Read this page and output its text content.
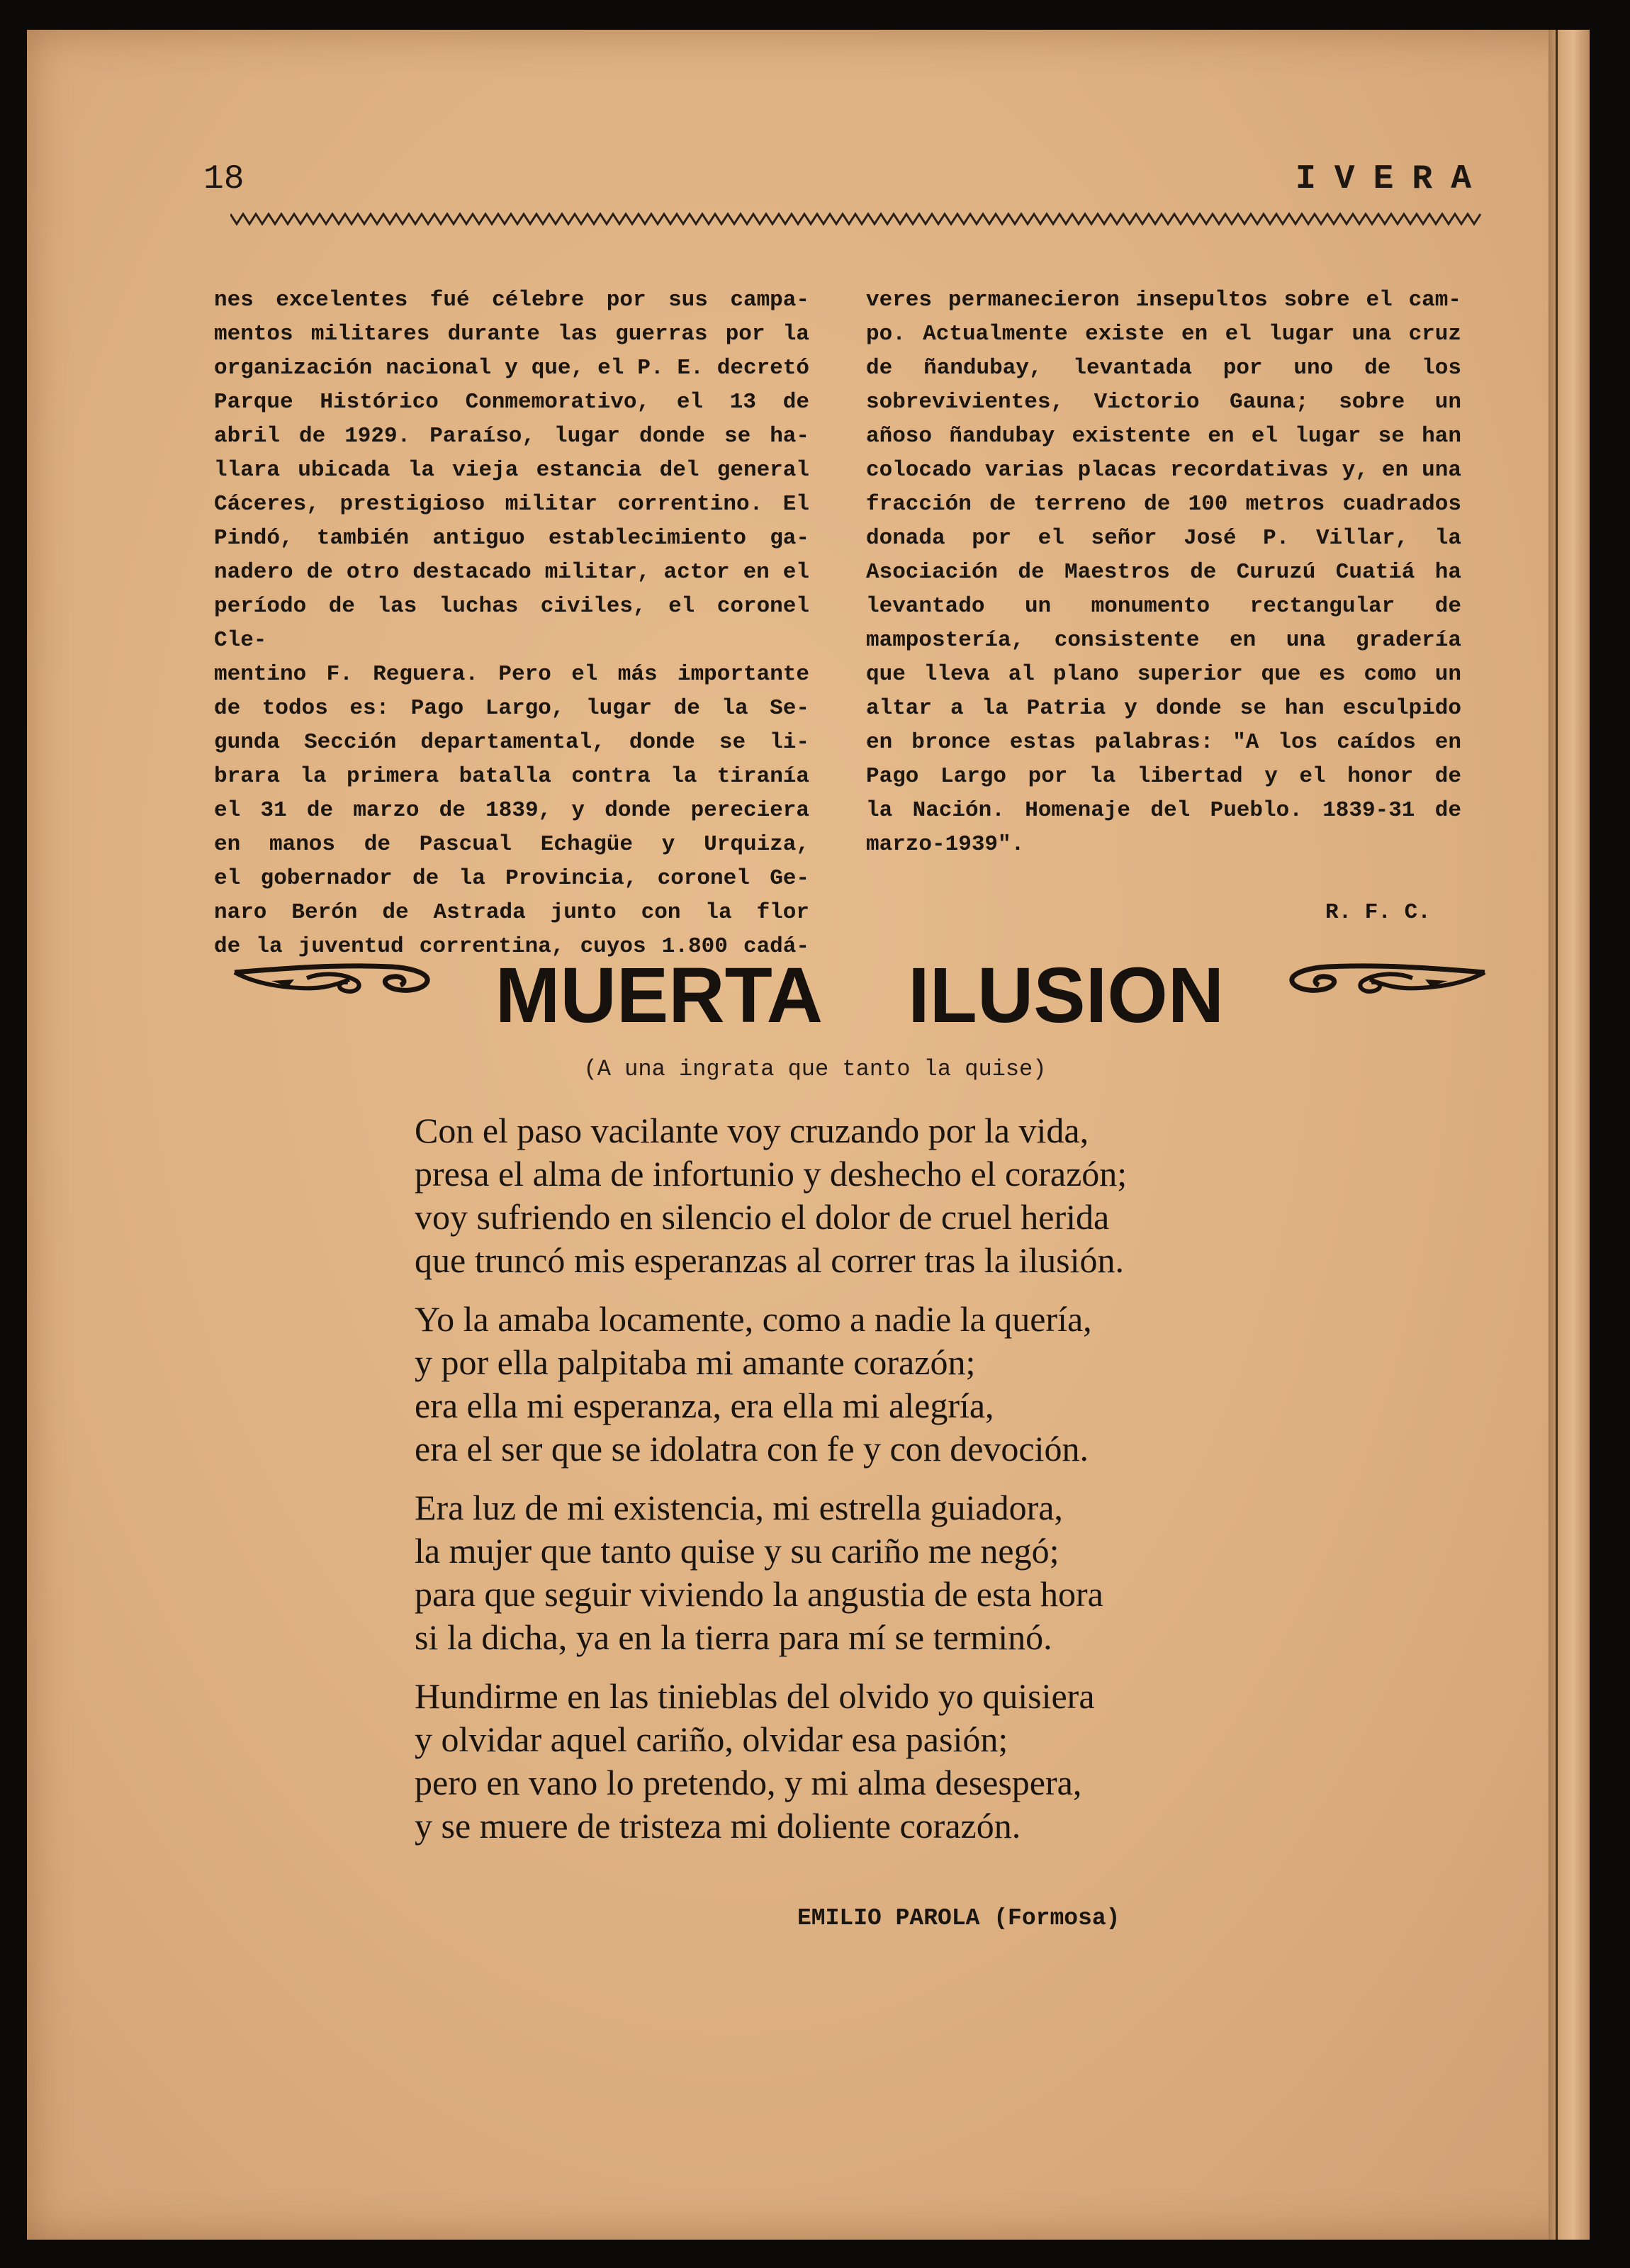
18	IVERA

nes excelentes fué célebre por sus campa-

mentos militares durante las guerras por la

organización nacional y que, el P. E. decretó

Parque Histórico Conmemorativo, el 13 de

abril de 1929. Paraíso, lugar donde se ha-

llara ubicada la vieja estancia del general

Cáceres, prestigioso militar correntino. El

Pindó, también antiguo establecimiento ga-

nadero de otro destacado militar, actor en el

período de las luchas civiles, el coronel Cle-

mentino F. Reguera. Pero el más importante

de todos es: Pago Largo, lugar de la Se-

gunda Sección departamental, donde se li-

brara la primera batalla contra la tiranía

el 31 de marzo de 1839, y donde pereciera

en manos de Pascual Echagüe y Urquiza,

el gobernador de la Provincia, coronel Ge-

naro Berón de Astrada junto con la flor

de la juventud correntina, cuyos 1.800 cadá-

veres permanecieron insepultos sobre el cam-

po. Actualmente existe en el lugar una cruz

de ñandubay, levantada por uno de los

sobrevivientes, Victorio Gauna; sobre un

añoso ñandubay existente en el lugar se han

colocado varias placas recordativas y, en una

fracción de terreno de 100 metros cuadrados

donada por el señor José P. Villar, la

Asociación de Maestros de Curuzú Cuatiá ha

levantado un monumento rectangular de

mampostería, consistente en una gradería

que lleva al plano superior que es como un

altar a la Patria y donde se han esculpido

en bronce estas palabras: "A los caídos en

Pago Largo por la libertad y el honor de

la Nación. Homenaje del Pueblo. 1839-31 de

marzo-1939".

R. F. C.
MUERTA ILUSION
(A una ingrata que tanto la quise)
Con el paso vacilante voy cruzando por la vida,
presa el alma de infortunio y deshecho el corazón;
voy sufriendo en silencio el dolor de cruel herida
que truncó mis esperanzas al correr tras la ilusión.
Yo la amaba locamente, como a nadie la quería,
y por ella palpitaba mi amante corazón;
era ella mi esperanza, era ella mi alegría,
era el ser que se idolatra con fe y con devoción.
Era luz de mi existencia, mi estrella guiadora,
la mujer que tanto quise y su cariño me negó;
para que seguir viviendo la angustia de esta hora
si la dicha, ya en la tierra para mí se terminó.
Hundirme en las tinieblas del olvido yo quisiera
y olvidar aquel cariño, olvidar esa pasión;
pero en vano lo pretendo, y mi alma desespera,
y se muere de tristeza mi doliente corazón.
EMILIO PAROLA (Formosa)
